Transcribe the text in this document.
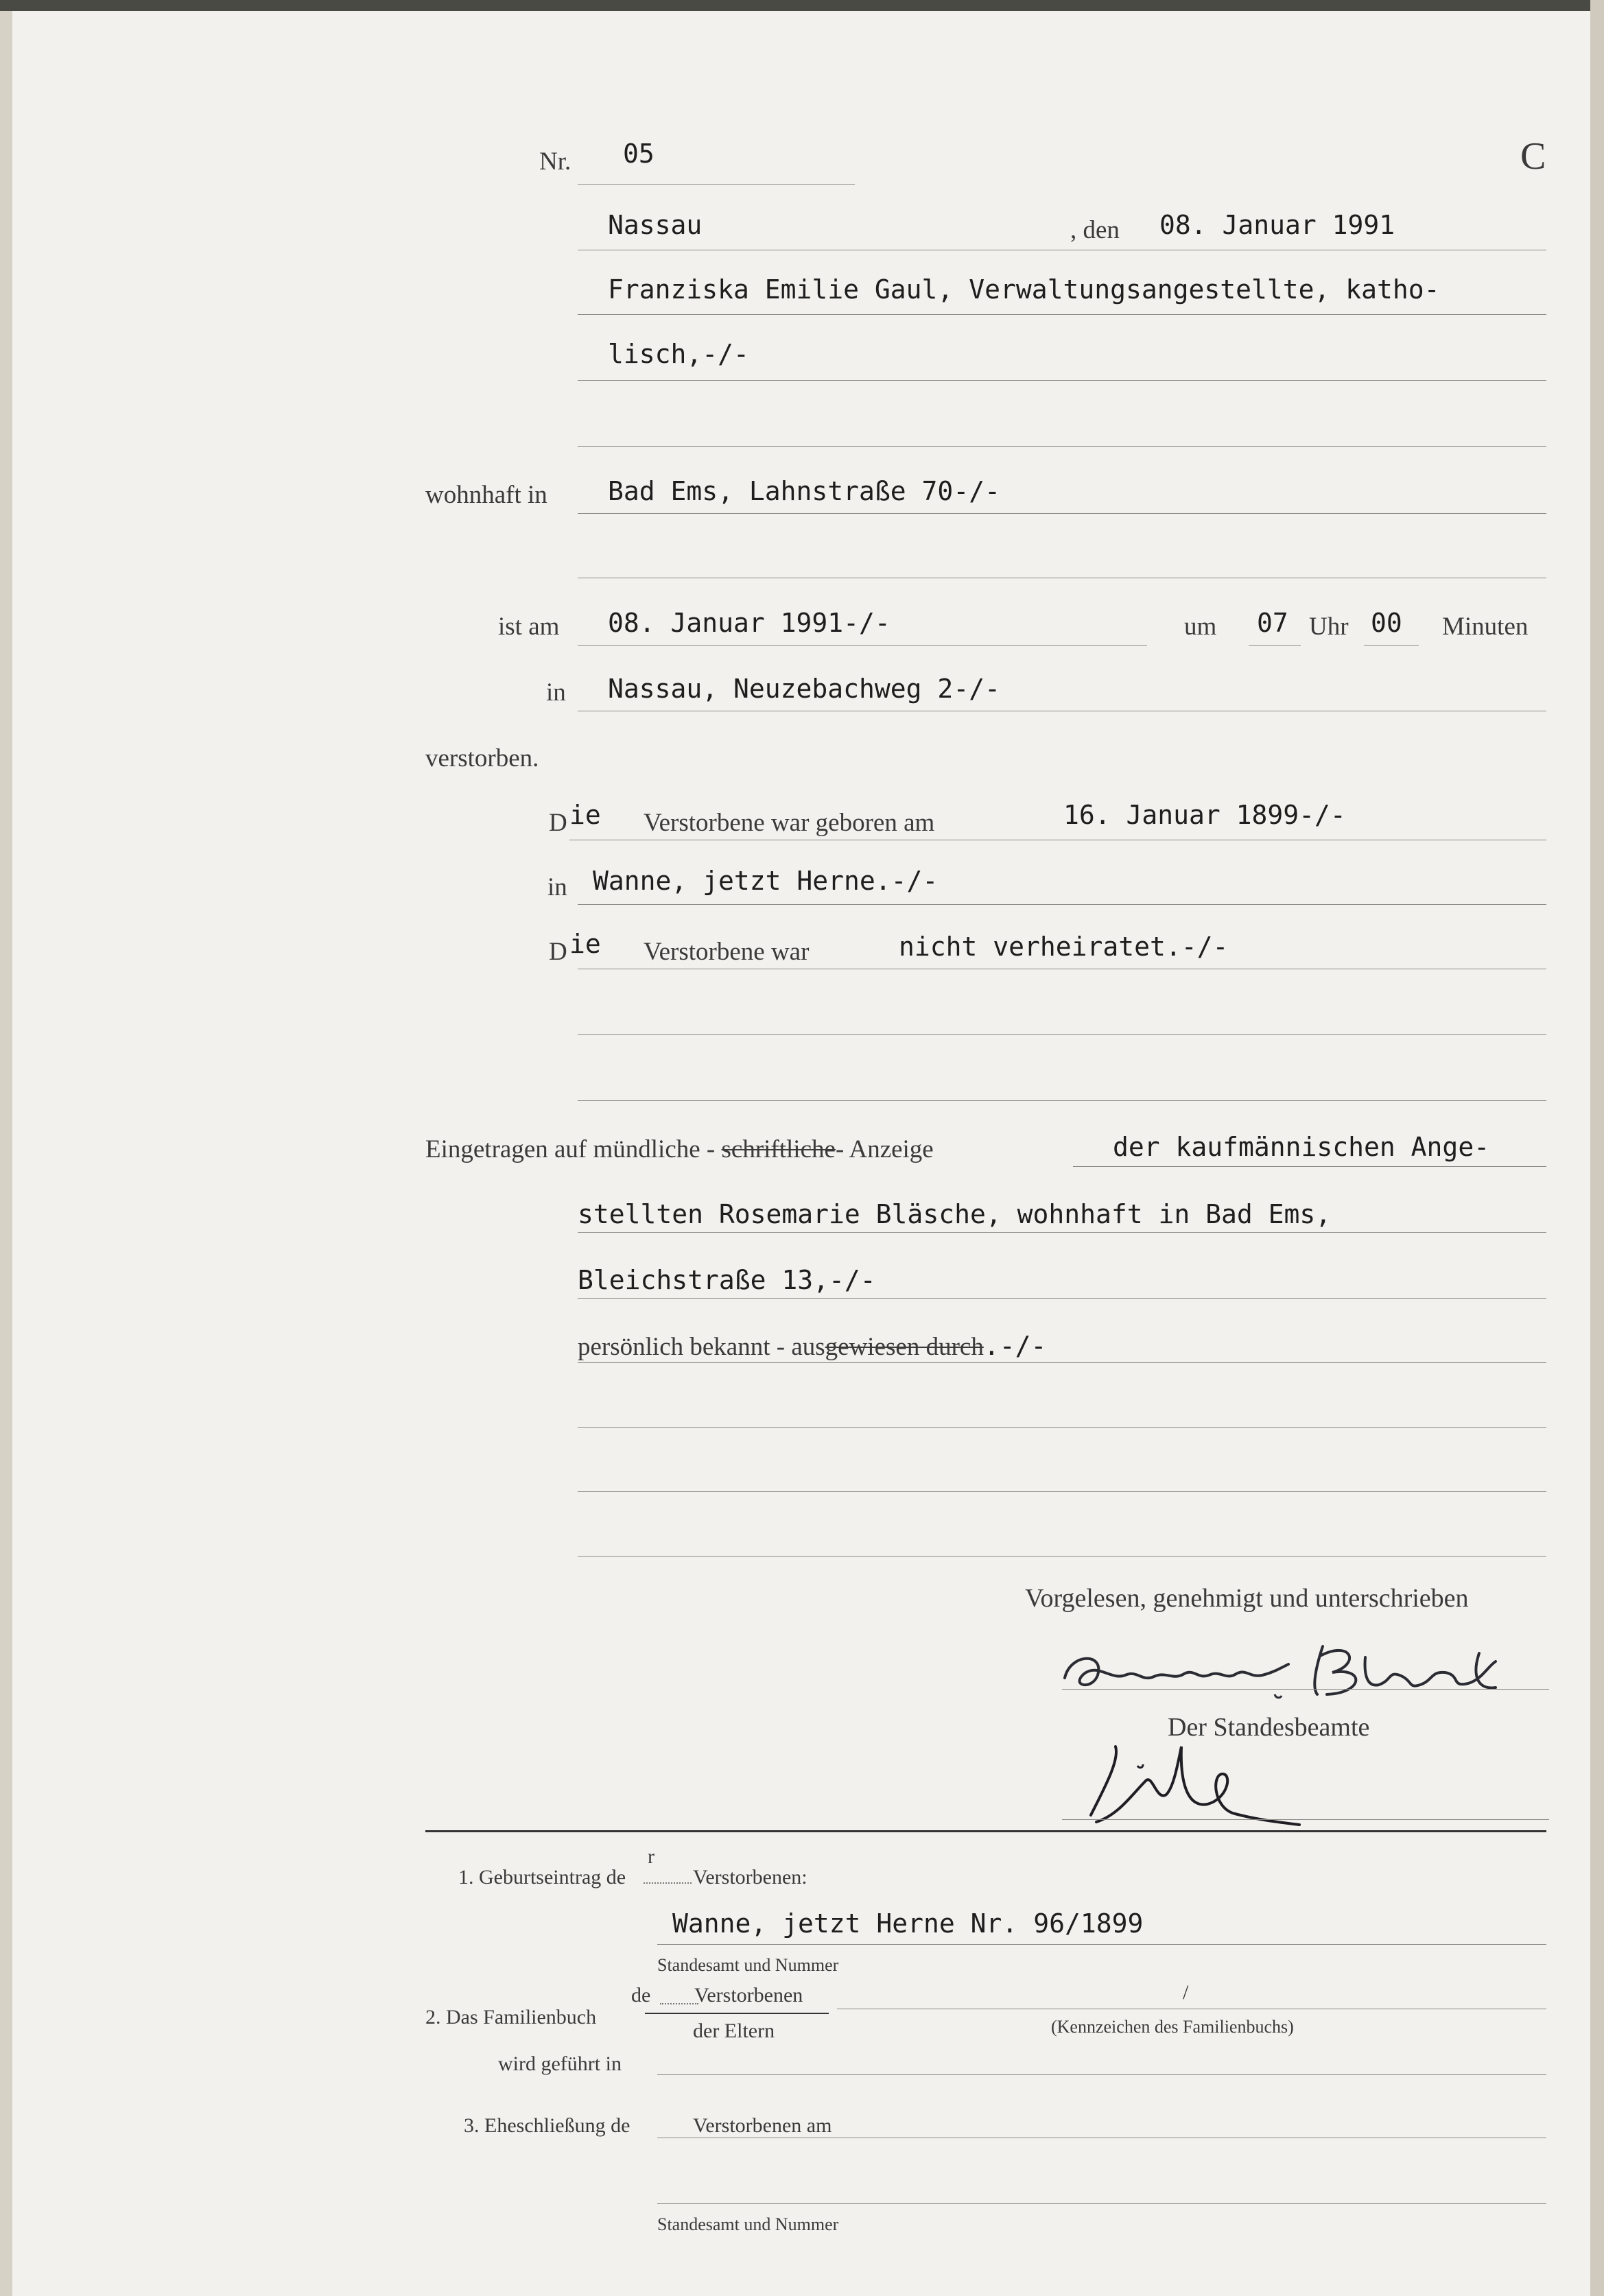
Nr. 05	C
Nassau	, den 08. Januar 1991
Franziska Emilie Gaul, Verwaltungsangestellte, katho-
lisch,-/-
wohnhaft in Bad Ems, Lahnstraße 70-/-
ist am 08. Januar 1991-/-	um 07 Uhr 00 Minuten
in Nassau, Neuzebachweg 2-/-
verstorben.
D ie Verstorbene war geboren am	16. Januar 1899-/-
in Wanne, jetzt Herne.-/-
D ie Verstorbene war	nicht verheiratet.-/-
Eingetragen auf mündliche - schriftliche- Anzeige	der kaufmännischen Ange-
stellten Rosemarie Bläsche, wohnhaft in Bad Ems,
Bleichstraße 13,-/-
persönlich bekannt - ausgewiesen durch.-/-
Vorgelesen, genehmigt und unterschrieben
Der Standesbeamte
1. Geburtseintrag de
r
Verstorbenen:
Wanne, jetzt Herne Nr. 96/1899
Standesamt und Nummer
2. Das Familienbuch
de Verstorbenen
der Eltern
/
(Kennzeichen des Familienbuchs)
wird geführt in
3. Eheschließung de	Verstorbenen am
Standesamt und Nummer
